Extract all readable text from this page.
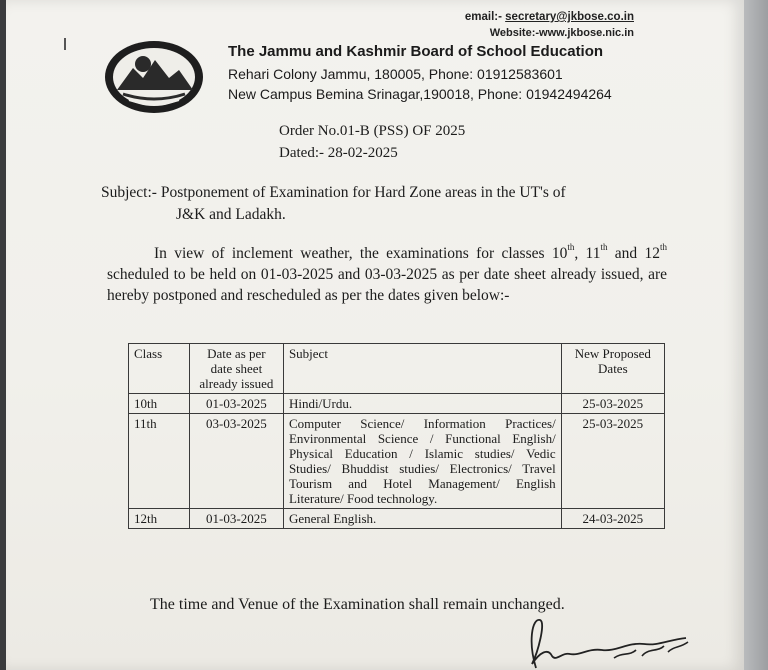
email:- secretary@jkbose.co.in
Website:-www.jkbose.nic.in
The Jammu and Kashmir Board of School Education
Rehari Colony Jammu, 180005, Phone: 01912583601
New Campus Bemina Srinagar,190018, Phone: 01942494264
Order No.01-B (PSS) OF 2025
Dated:- 28-02-2025
Subject:- Postponement of Examination for Hard Zone areas in the UT's of
J&K and Ladakh.
In view of inclement weather, the examinations for classes 10th, 11th and 12th scheduled to be held on 01-03-2025 and 03-03-2025 as per date sheet already issued, are hereby postponed and rescheduled as per the dates given below:-
Class	Date as per date sheet already issued	Subject	New Proposed Dates
10th	01-03-2025	Hindi/Urdu.	25-03-2025
11th	03-03-2025	Computer Science/ Information Practices/ Environmental Science / Functional English/ Physical Education / Islamic studies/ Vedic Studies/ Bhuddist studies/ Electronics/ Travel Tourism and Hotel Management/ English Literature/ Food technology.	25-03-2025
12th	01-03-2025	General English.	24-03-2025
The time and Venue of the Examination shall remain unchanged.
